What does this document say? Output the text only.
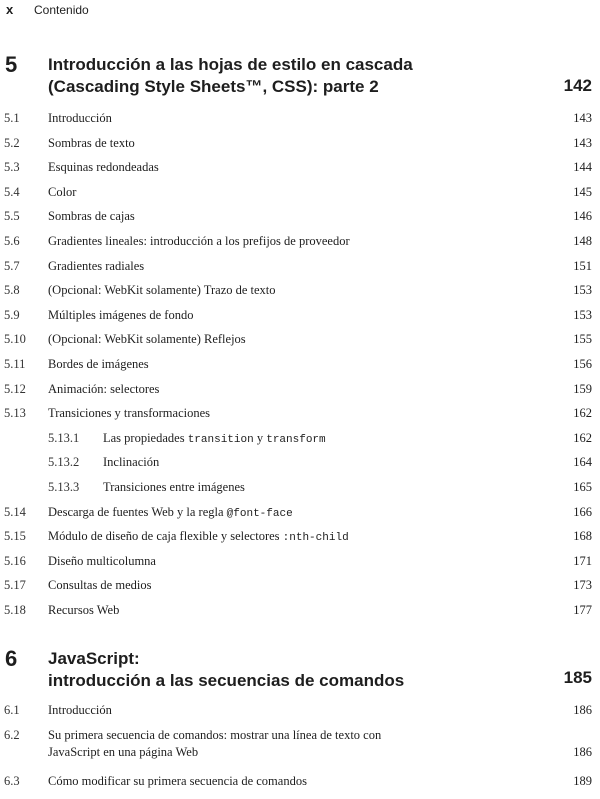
x	Contenido
5 Introducción a las hojas de estilo en cascada
(Cascading Style Sheets™, CSS): parte 2	142
5.1 Introducción	143
5.2 Sombras de texto	143
5.3 Esquinas redondeadas	144
5.4 Color	145
5.5 Sombras de cajas	146
5.6 Gradientes lineales: introducción a los prefijos de proveedor	148
5.7 Gradientes radiales	151
5.8 (Opcional: WebKit solamente) Trazo de texto	153
5.9 Múltiples imágenes de fondo	153
5.10 (Opcional: WebKit solamente) Reflejos	155
5.11 Bordes de imágenes	156
5.12 Animación: selectores	159
5.13 Transiciones y transformaciones	162
5.13.1 Las propiedades transition y transform	162
5.13.2 Inclinación	164
5.13.3 Transiciones entre imágenes	165
5.14 Descarga de fuentes Web y la regla @font-face	166
5.15 Módulo de diseño de caja flexible y selectores :nth-child	168
5.16 Diseño multicolumna	171
5.17 Consultas de medios	173
5.18 Recursos Web	177
6 JavaScript:
introducción a las secuencias de comandos	185
6.1 Introducción	186
6.2 Su primera secuencia de comandos: mostrar una línea de texto con
JavaScript en una página Web	186
6.3 Cómo modificar su primera secuencia de comandos	189
